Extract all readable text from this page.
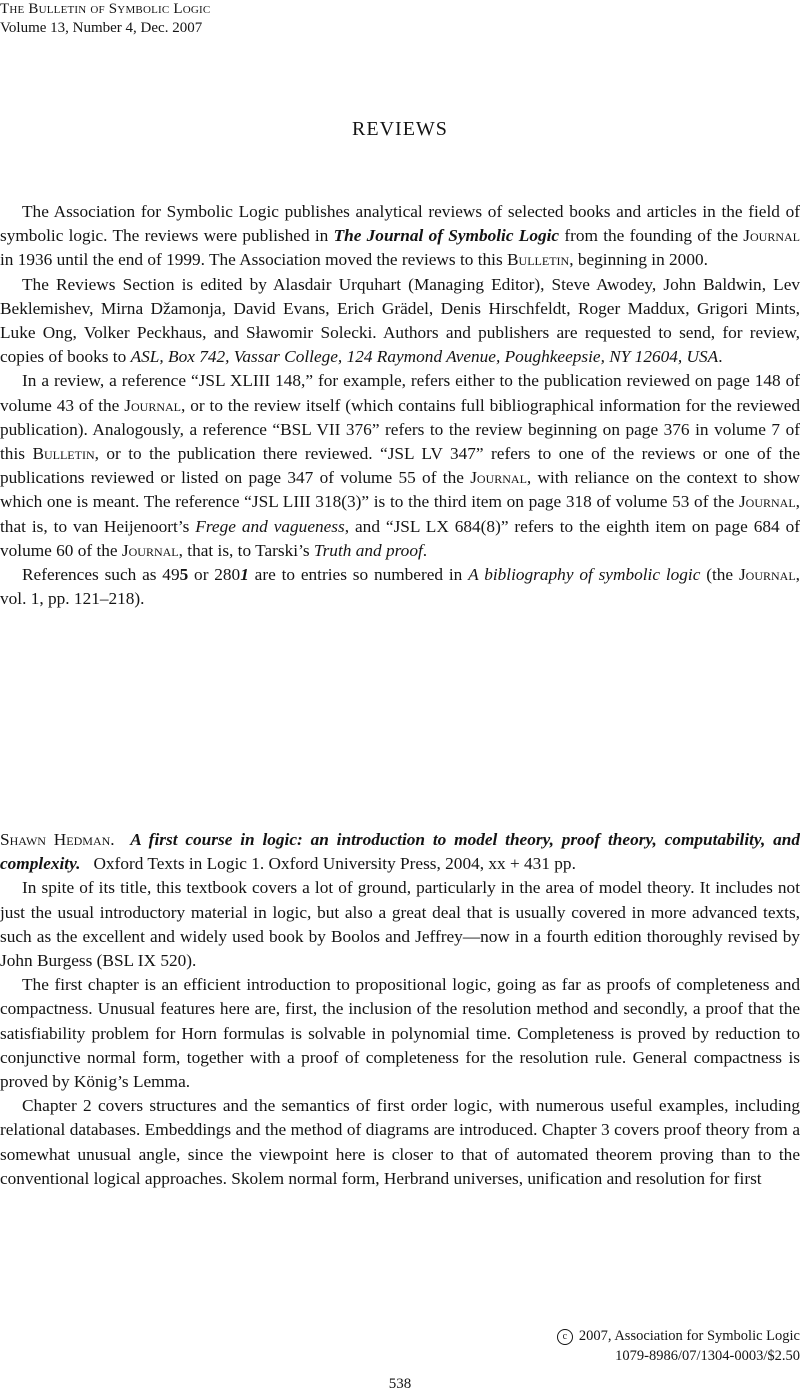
The Bulletin of Symbolic Logic
Volume 13, Number 4, Dec. 2007
REVIEWS

The Association for Symbolic Logic publishes analytical reviews of selected books and articles in the field of symbolic logic. The reviews were published in The Journal of Symbolic Logic from the founding of the Journal in 1936 until the end of 1999. The Association moved the reviews to this Bulletin, beginning in 2000.

The Reviews Section is edited by Alasdair Urquhart (Managing Editor), Steve Awodey, John Baldwin, Lev Beklemishev, Mirna Džamonja, David Evans, Erich Grädel, Denis Hirschfeldt, Roger Maddux, Grigori Mints, Luke Ong, Volker Peckhaus, and Sławomir Solecki. Authors and publishers are requested to send, for review, copies of books to ASL, Box 742, Vassar College, 124 Raymond Avenue, Poughkeepsie, NY 12604, USA.

In a review, a reference “JSL XLIII 148,” for example, refers either to the publication reviewed on page 148 of volume 43 of the Journal, or to the review itself (which contains full bibliographical information for the reviewed publication). Analogously, a reference “BSL VII 376” refers to the review beginning on page 376 in volume 7 of this Bulletin, or to the publication there reviewed. “JSL LV 347” refers to one of the reviews or one of the publications reviewed or listed on page 347 of volume 55 of the Journal, with reliance on the context to show which one is meant. The reference “JSL LIII 318(3)” is to the third item on page 318 of volume 53 of the Journal, that is, to van Heijenoort’s Frege and vagueness, and “JSL LX 684(8)” refers to the eighth item on page 684 of volume 60 of the Journal, that is, to Tarski’s Truth and proof.

References such as 495 or 2801 are to entries so numbered in A bibliography of symbolic logic (the Journal, vol. 1, pp. 121–218).

Shawn Hedman. A first course in logic: an introduction to model theory, proof theory, computability, and complexity. Oxford Texts in Logic 1. Oxford University Press, 2004, xx + 431 pp.

In spite of its title, this textbook covers a lot of ground, particularly in the area of model theory. It includes not just the usual introductory material in logic, but also a great deal that is usually covered in more advanced texts, such as the excellent and widely used book by Boolos and Jeffrey—now in a fourth edition thoroughly revised by John Burgess (BSL IX 520).

The first chapter is an efficient introduction to propositional logic, going as far as proofs of completeness and compactness. Unusual features here are, first, the inclusion of the resolution method and secondly, a proof that the satisfiability problem for Horn formulas is solvable in polynomial time. Completeness is proved by reduction to conjunctive normal form, together with a proof of completeness for the resolution rule. General compactness is proved by König’s Lemma.

Chapter 2 covers structures and the semantics of first order logic, with numerous useful examples, including relational databases. Embeddings and the method of diagrams are introduced. Chapter 3 covers proof theory from a somewhat unusual angle, since the viewpoint here is closer to that of automated theorem proving than to the conventional logical approaches. Skolem normal form, Herbrand universes, unification and resolution for first

c 2007, Association for Symbolic Logic
1079-8986/07/1304-0003/$2.50
538
